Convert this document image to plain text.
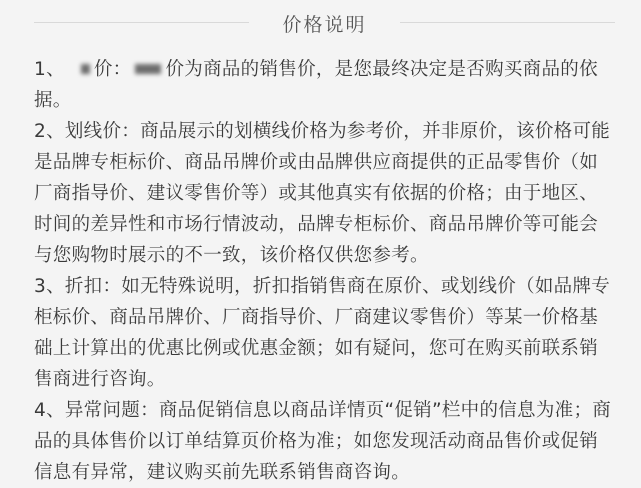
价格说明

1、 价： 价为商品的销售价，是您最终决定是否购买商品的依据。

2、划线价：商品展示的划横线价格为参考价，并非原价，该价格可能是品牌专柜标价、商品吊牌价或由品牌供应商提供的正品零售价（如厂商指导价、建议零售价等）或其他真实有依据的价格；由于地区、时间的差异性和市场行情波动，品牌专柜标价、商品吊牌价等可能会与您购物时展示的不一致，该价格仅供您参考。

3、折扣：如无特殊说明，折扣指销售商在原价、或划线价（如品牌专柜标价、商品吊牌价、厂商指导价、厂商建议零售价）等某一价格基础上计算出的优惠比例或优惠金额；如有疑问，您可在购买前联系销售商进行咨询。

4、异常问题：商品促销信息以商品详情页“促销”栏中的信息为准；商品的具体售价以订单结算页价格为准；如您发现活动商品售价或促销信息有异常，建议购买前先联系销售商咨询。
